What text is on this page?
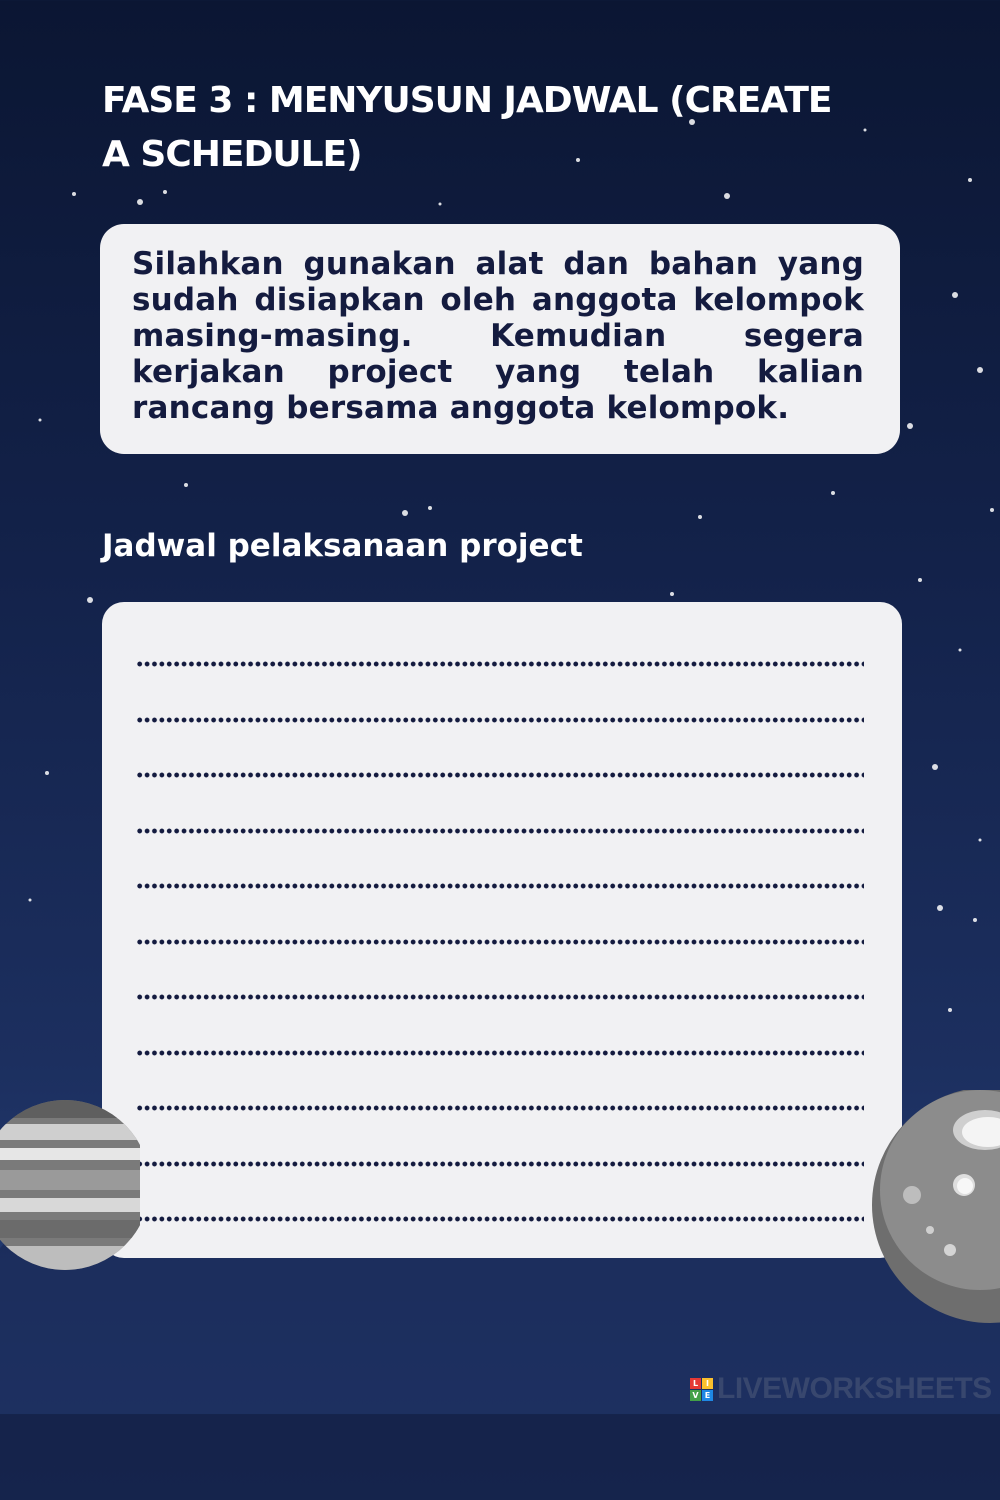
FASE 3 : MENYUSUN JADWAL (CREATE A SCHEDULE)

Silahkan gunakan alat dan bahan yang sudah disiapkan oleh anggota kelompok masing-masing. Kemudian segera kerjakan project yang telah kalian rancang bersama anggota kelompok.

Jadwal pelaksanaan project
L I
V E LIVEWORKSHEETS
